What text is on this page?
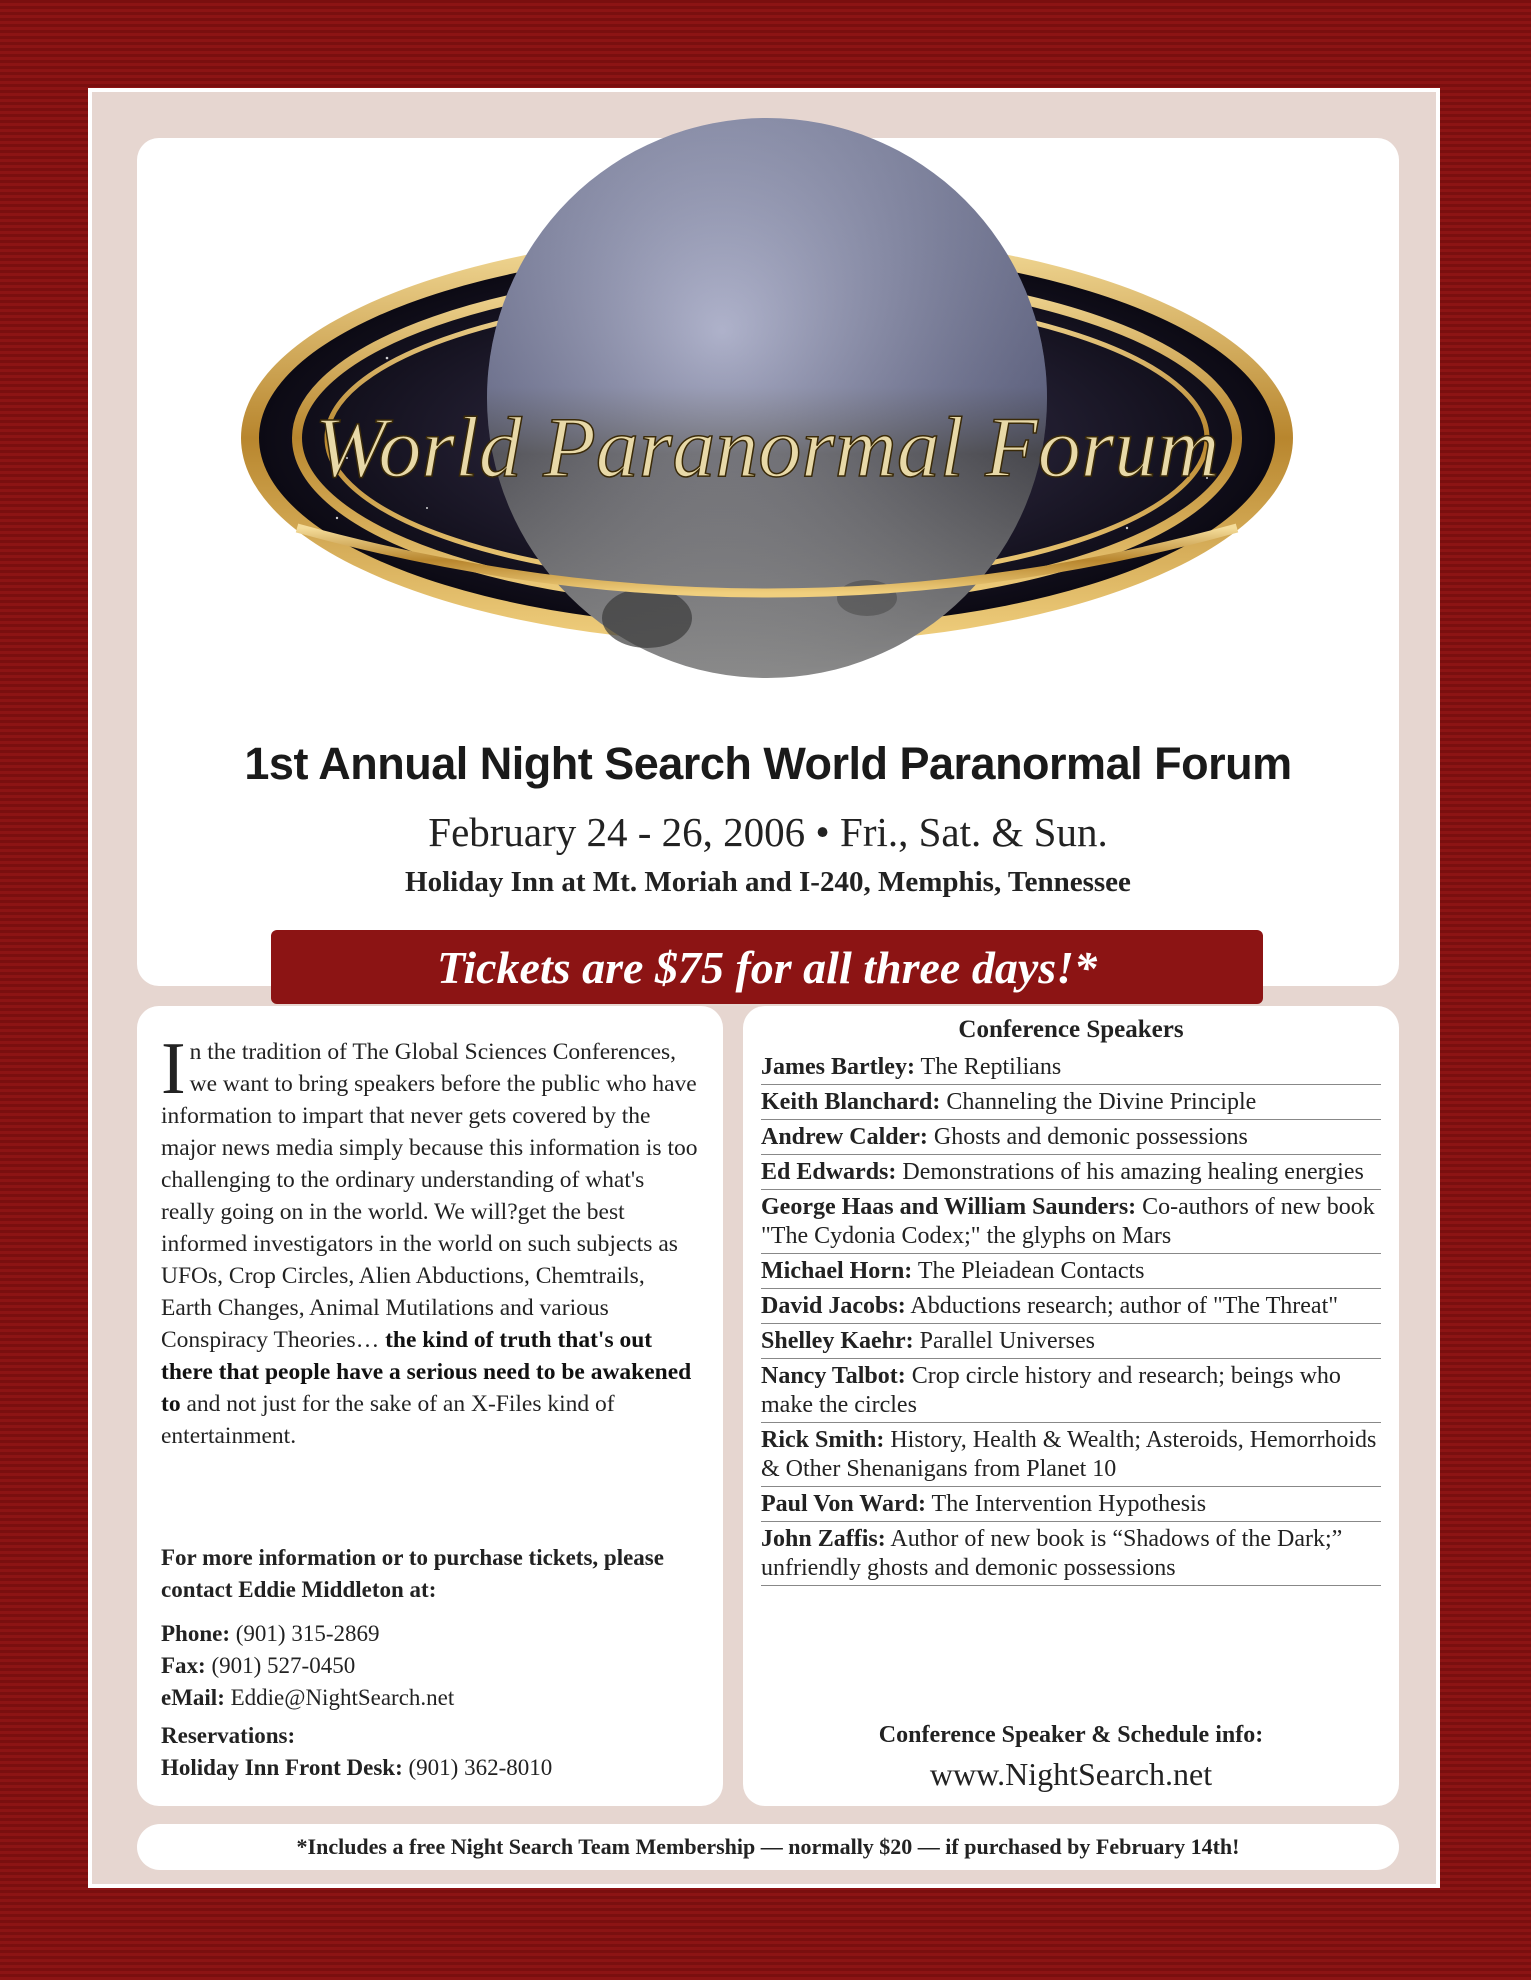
World Paranormal Forum
1st Annual Night Search World Paranormal Forum
February 24 - 26, 2006 • Fri., Sat. & Sun.
Holiday Inn at Mt. Moriah and I-240, Memphis, Tennessee
Tickets are $75 for all three days!*
In the tradition of The Global Sciences Conferences, we want to bring speakers before the public who have information to impart that never gets covered by the major news media simply because this information is too challenging to the ordinary understanding of what's really going on in the world. We will?get the best informed investigators in the world on such subjects as UFOs, Crop Circles, Alien Abductions, Chemtrails, Earth Changes, Animal Mutilations and various Conspiracy Theories… the kind of truth that's out there that people have a serious need to be awakened to and not just for the sake of an X-Files kind of entertainment.
For more information or to purchase tickets, please contact Eddie Middleton at:
Phone: (901) 315-2869
Fax: (901) 527-0450
eMail: Eddie@NightSearch.net
Reservations:
Holiday Inn Front Desk: (901) 362-8010
Conference Speakers
James Bartley: The Reptilians
Keith Blanchard: Channeling the Divine Principle
Andrew Calder: Ghosts and demonic possessions
Ed Edwards: Demonstrations of his amazing healing energies
George Haas and William Saunders: Co-authors of new book "The Cydonia Codex;" the glyphs on Mars
Michael Horn: The Pleiadean Contacts
David Jacobs: Abductions research; author of "The Threat"
Shelley Kaehr: Parallel Universes
Nancy Talbot: Crop circle history and research; beings who make the circles
Rick Smith: History, Health & Wealth; Asteroids, Hemorrhoids & Other Shenanigans from Planet 10
Paul Von Ward: The Intervention Hypothesis
John Zaffis: Author of new book is “Shadows of the Dark;” unfriendly ghosts and demonic possessions
Conference Speaker & Schedule info:
www.NightSearch.net
*Includes a free Night Search Team Membership — normally $20 — if purchased by February 14th!
